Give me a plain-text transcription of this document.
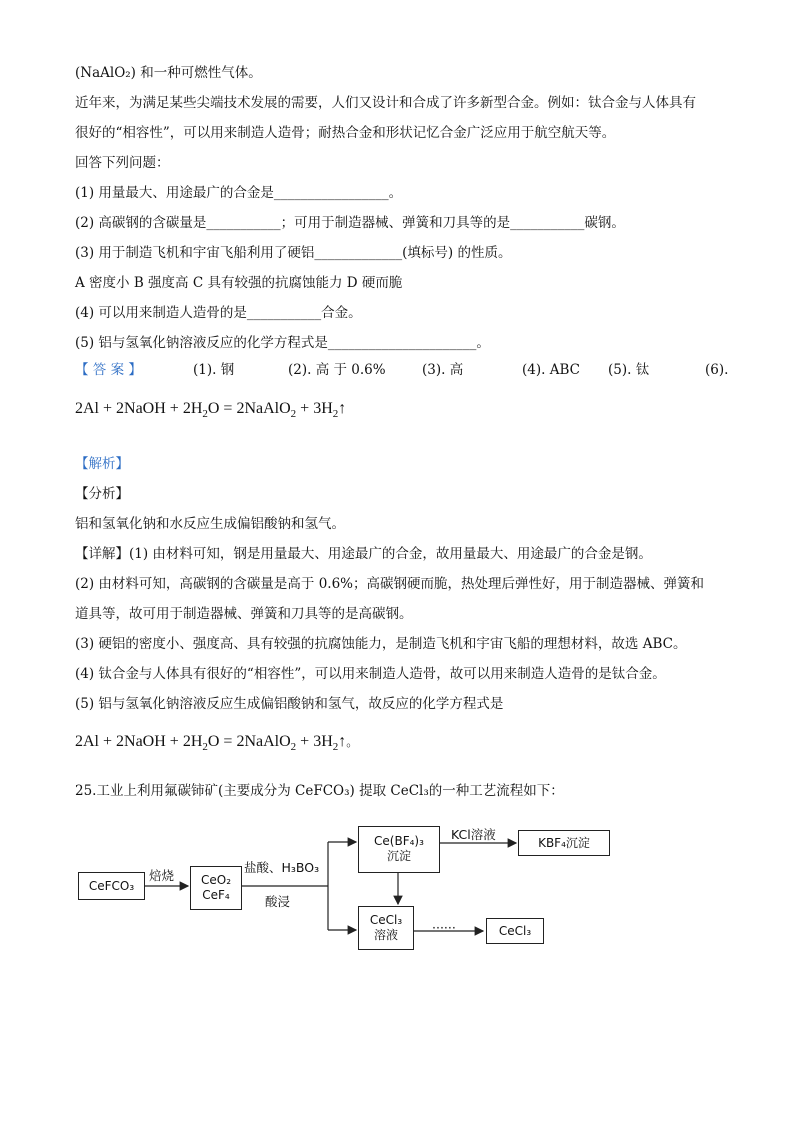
(NaAlO₂) 和一种可燃性气体。
近年来，为满足某些尖端技术发展的需要，人们又设计和合成了许多新型合金。例如：钛合金与人体具有
很好的“相容性”，可以用来制造人造骨；耐热合金和形状记忆合金广泛应用于航空航天等。
回答下列问题：
(1) 用量最大、用途最广的合金是_________________。
(2) 高碳钢的含碳量是___________；可用于制造器械、弹簧和刀具等的是___________碳钢。
(3) 用于制造飞机和宇宙飞船利用了硬铝_____________(填标号) 的性质。
A 密度小 B 强度高 C 具有较强的抗腐蚀能力 D 硬而脆
(4) 可以用来制造人造骨的是___________合金。
(5) 铝与氢氧化钠溶液反应的化学方程式是______________________。
【 答 案 】	(1). 钢	(2). 高 于 0.6%	(3). 高	(4). ABC (5). 钛	(6).
2Al + 2NaOH + $2H_2O$ = 2NaAlO$_2$ + $3H_2↑$
【解析】
【分析】
铝和氢氧化钠和水反应生成偏铝酸钠和氢气。
【详解】(1) 由材料可知，钢是用量最大、用途最广的合金，故用量最大、用途最广的合金是钢。
(2) 由材料可知，高碳钢的含碳量是高于 0.6%；高碳钢硬而脆，热处理后弹性好，用于制造器械、弹簧和
道具等，故可用于制造器械、弹簧和刀具等的是高碳钢。
(3) 硬铝的密度小、强度高、具有较强的抗腐蚀能力，是制造飞机和宇宙飞船的理想材料，故选 ABC。
(4) 钛合金与人体具有很好的“相容性”，可以用来制造人造骨，故可以用来制造人造骨的是钛合金。
(5) 铝与氢氧化钠溶液反应生成偏铝酸钠和氢气，故反应的化学方程式是
2Al + 2NaOH + $2H_2O$ = 2NaAlO$_2$ + $3H_2↑$。
25.工业上利用氟碳铈矿(主要成分为 CeFCO₃) 提取 CeCl₃的一种工艺流程如下：
CeFCO₃
焙烧	CeO₂
CeF₄
盐酸、H₃BO₃
酸浸
Ce(BF₄)₃
沉淀
KCl溶液
KBF₄沉淀
CeCl₃
溶液	······	CeCl₃
